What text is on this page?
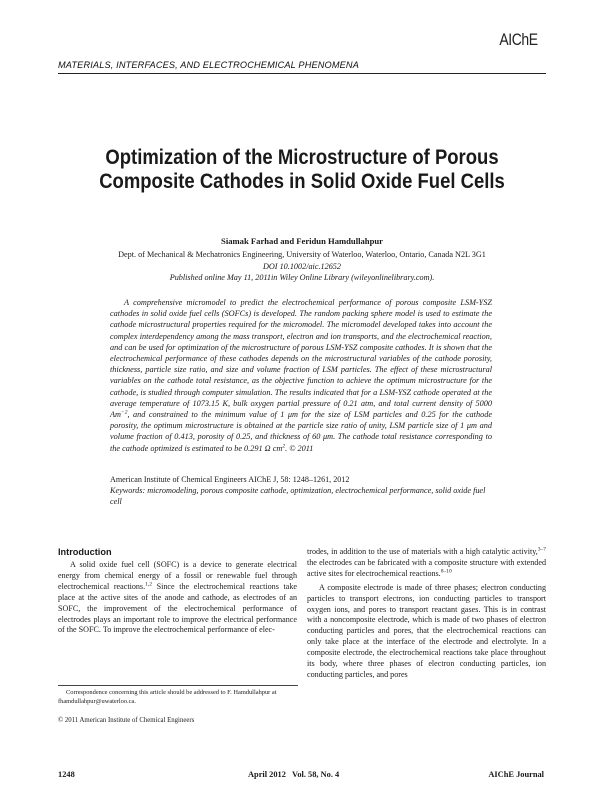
AIChE
MATERIALS, INTERFACES, AND ELECTROCHEMICAL PHENOMENA
Optimization of the Microstructure of Porous
Composite Cathodes in Solid Oxide Fuel Cells
Siamak Farhad and Feridun Hamdullahpur
Dept. of Mechanical & Mechatronics Engineering, University of Waterloo, Waterloo, Ontario, Canada N2L 3G1
DOI 10.1002/aic.12652
Published online May 11, 2011in Wiley Online Library (wileyonlinelibrary.com).

A comprehensive micromodel to predict the electrochemical performance of porous composite LSM-YSZ cathodes in solid oxide fuel cells (SOFCs) is developed. The random packing sphere model is used to estimate the cathode microstructural properties required for the micromodel. The micromodel developed takes into account the complex interdependency among the mass transport, electron and ion transports, and the electrochemical reaction, and can be used for optimization of the microstructure of porous LSM-YSZ composite cathodes. It is shown that the electrochemical performance of these cathodes depends on the microstructural variables of the cathode porosity, thickness, particle size ratio, and size and volume fraction of LSM particles. The effect of these microstructural variables on the cathode total resistance, as the objective function to achieve the optimum microstructure for the cathode, is studied through computer simulation. The results indicated that for a LSM-YSZ cathode operated at the average temperature of 1073.15 K, bulk oxygen partial pressure of 0.21 atm, and total current density of 5000 $Am^{-2}$, and constrained to the minimum value of 1 μm for the size of LSM particles and 0.25 for the cathode porosity, the optimum microstructure is obtained at the particle size ratio of unity, LSM particle size of 1 μm and volume fraction of 0.413, porosity of 0.25, and thickness of 60 μm. The cathode total resistance corresponding to the cathode optimized is estimated to be 0.291 Ω $cm^2$. © 2011

American Institute of Chemical Engineers AIChE J, 58: 1248–1261, 2012
Keywords: micromodeling, porous composite cathode, optimization, electrochemical performance, solid oxide fuel cell
Introduction

A solid oxide fuel cell (SOFC) is a device to generate electrical energy from chemical energy of a fossil or renewable fuel through electrochemical reactions.$^{1,2}$ Since the electrochemical reactions take place at the active sites of the anode and cathode, as electrodes of an SOFC, the improvement of the electrochemical performance of electrodes plays an important role to improve the electrical performance of the SOFC. To improve the electrochemical performance of elec-

trodes, in addition to the use of materials with a high catalytic activity,$^{3-7}$ the electrodes can be fabricated with a composite structure with extended active sites for electrochemical reactions.$^{8-10}$

A composite electrode is made of three phases; electron conducting particles to transport electrons, ion conducting particles to transport oxygen ions, and pores to transport reactant gases. This is in contrast with a noncomposite electrode, which is made of two phases of electron conducting particles and pores, that the electrochemical reactions can only take place at the interface of the electrode and electrolyte. In a composite electrode, the electrochemical reactions take place throughout its body, where three phases of electron conducting particles, ion conducting particles, and pores

Correspondence concerning this article should be addressed to F. Hamdullahpur at fhamdullahpur@uwaterloo.ca.

© 2011 American Institute of Chemical Engineers
1248	April 2012   Vol. 58, No. 4	AIChE Journal
